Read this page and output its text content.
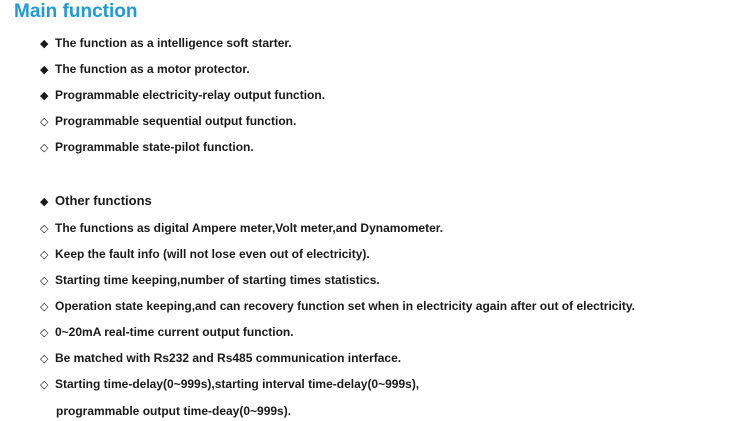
Main function
◆ The function as a intelligence soft starter.
◆ The function as a motor protector.
◆ Programmable electricity-relay output function.
◇ Programmable sequential output function.
◇ Programmable state-pilot function.
◆ Other functions
◇ The functions as digital Ampere meter,Volt meter,and Dynamometer.
◇ Keep the fault info (will not lose even out of electricity).
◇ Starting time keeping,number of starting times statistics.
◇ Operation state keeping,and can recovery function set when in electricity again after out of electricity.
◇ 0~20mA real-time current output function.
◇ Be matched with Rs232 and Rs485 communication interface.
◇ Starting time-delay(0~999s),starting interval time-delay(0~999s),
programmable output time-deay(0~999s).
